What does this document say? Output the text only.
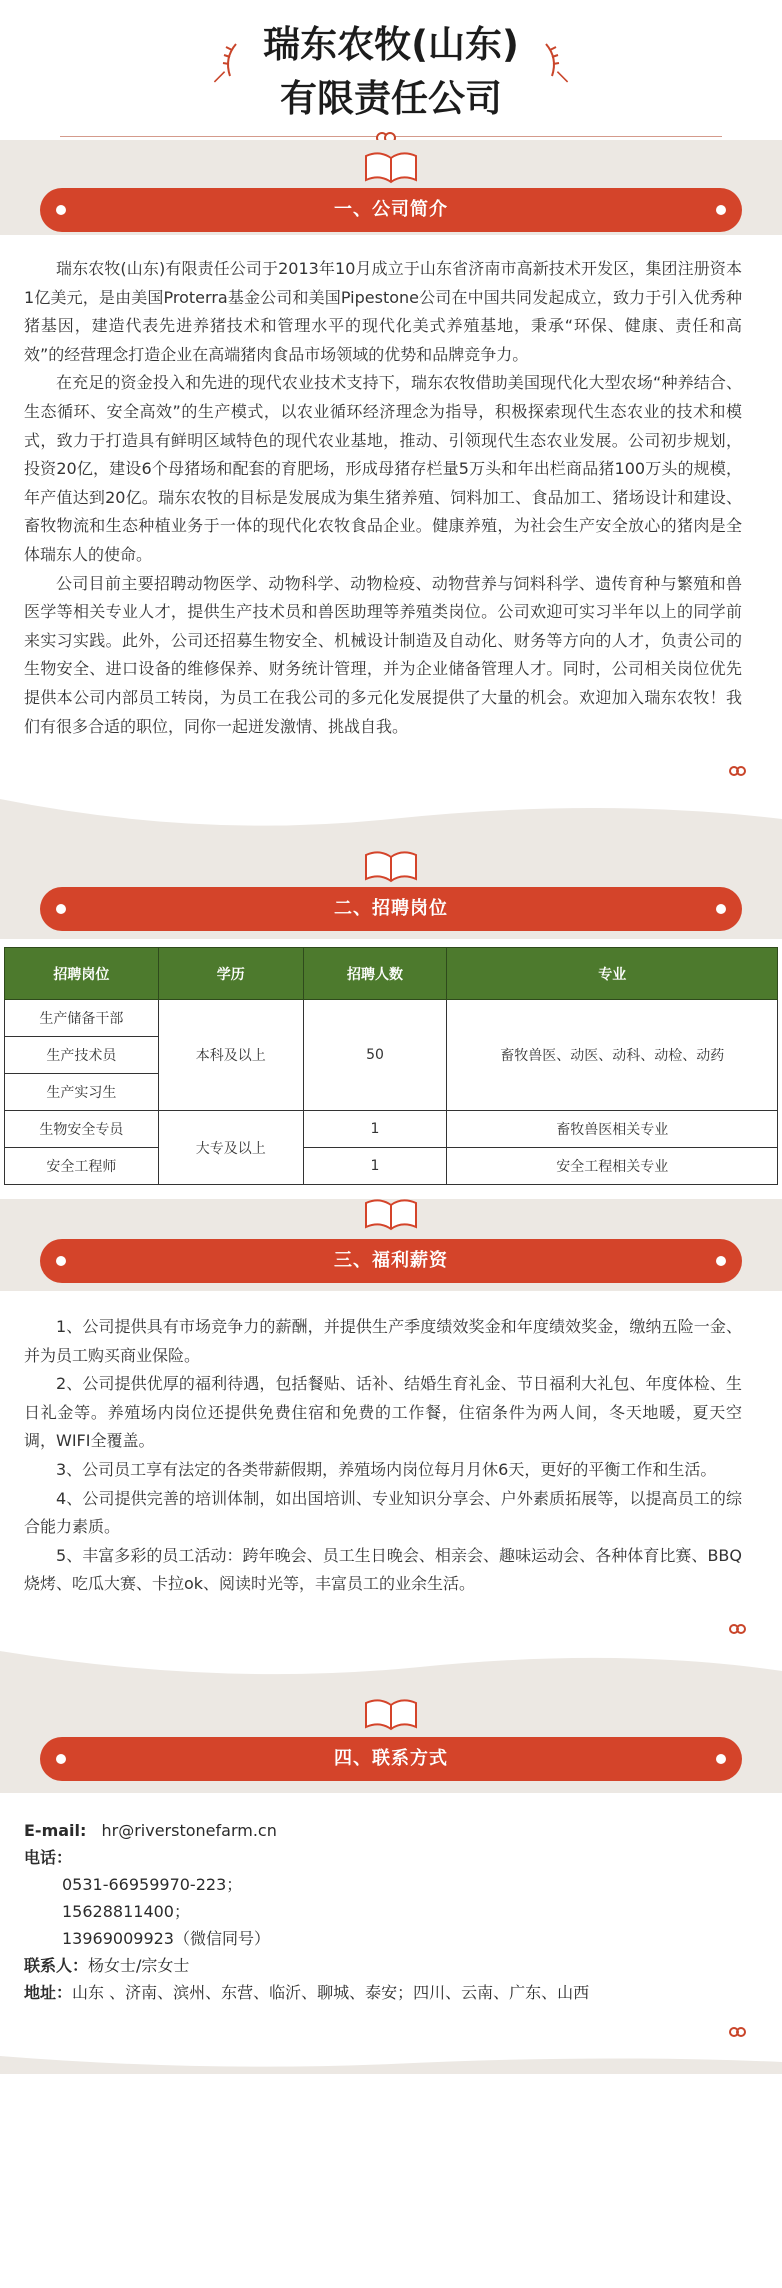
⸝
瑞东农牧(山东)
有限责任公司
⸜
一、公司简介

瑞东农牧(山东)有限责任公司于2013年10月成立于山东省济南市高新技术开发区，集团注册资本1亿美元，是由美国Proterra基金公司和美国Pipestone公司在中国共同发起成立，致力于引入优秀种猪基因，建造代表先进养猪技术和管理水平的现代化美式养殖基地，秉承“环保、健康、责任和高效”的经营理念打造企业在高端猪肉食品市场领域的优势和品牌竞争力。

在充足的资金投入和先进的现代农业技术支持下，瑞东农牧借助美国现代化大型农场“种养结合、生态循环、安全高效”的生产模式，以农业循环经济理念为指导，积极探索现代生态农业的技术和模式，致力于打造具有鲜明区域特色的现代农业基地，推动、引领现代生态农业发展。公司初步规划，投资20亿，建设6个母猪场和配套的育肥场，形成母猪存栏量5万头和年出栏商品猪100万头的规模，年产值达到20亿。瑞东农牧的目标是发展成为集生猪养殖、饲料加工、食品加工、猪场设计和建设、畜牧物流和生态种植业务于一体的现代化农牧食品企业。健康养殖，为社会生产安全放心的猪肉是全体瑞东人的使命。

公司目前主要招聘动物医学、动物科学、动物检疫、动物营养与饲料科学、遗传育种与繁殖和兽医学等相关专业人才，提供生产技术员和兽医助理等养殖类岗位。公司欢迎可实习半年以上的同学前来实习实践。此外，公司还招募生物安全、机械设计制造及自动化、财务等方向的人才，负责公司的生物安全、进口设备的维修保养、财务统计管理，并为企业储备管理人才。同时，公司相关岗位优先提供本公司内部员工转岗，为员工在我公司的多元化发展提供了大量的机会。欢迎加入瑞东农牧！我们有很多合适的职位，同你一起迸发激情、挑战自我。

二、招聘岗位
招聘岗位	学历	招聘人数	专业
生产储备干部	本科及以上	50	畜牧兽医、动医、动科、动检、动药
生产技术员			
生产实习生			
生物安全专员	大专及以上	1	畜牧兽医相关专业
安全工程师		1	安全工程相关专业
三、福利薪资

1、公司提供具有市场竞争力的薪酬，并提供生产季度绩效奖金和年度绩效奖金，缴纳五险一金、并为员工购买商业保险。

2、公司提供优厚的福利待遇，包括餐贴、话补、结婚生育礼金、节日福利大礼包、年度体检、生日礼金等。养殖场内岗位还提供免费住宿和免费的工作餐，住宿条件为两人间，冬天地暖，夏天空调，WIFI全覆盖。

3、公司员工享有法定的各类带薪假期，养殖场内岗位每月月休6天，更好的平衡工作和生活。

4、公司提供完善的培训体制，如出国培训、专业知识分享会、户外素质拓展等，以提高员工的综合能力素质。

5、丰富多彩的员工活动：跨年晚会、员工生日晚会、相亲会、趣味运动会、各种体育比赛、BBQ烧烤、吃瓜大赛、卡拉ok、阅读时光等，丰富员工的业余生活。

四、联系方式
E-mail: hr@riverstonefarm.cn
电话：
0531-66959970-223；
15628811400；
13969009923（微信同号）
联系人：杨女士/宗女士
地址：山东 、济南、滨州、东营、临沂、聊城、泰安；四川、云南、广东、山西
